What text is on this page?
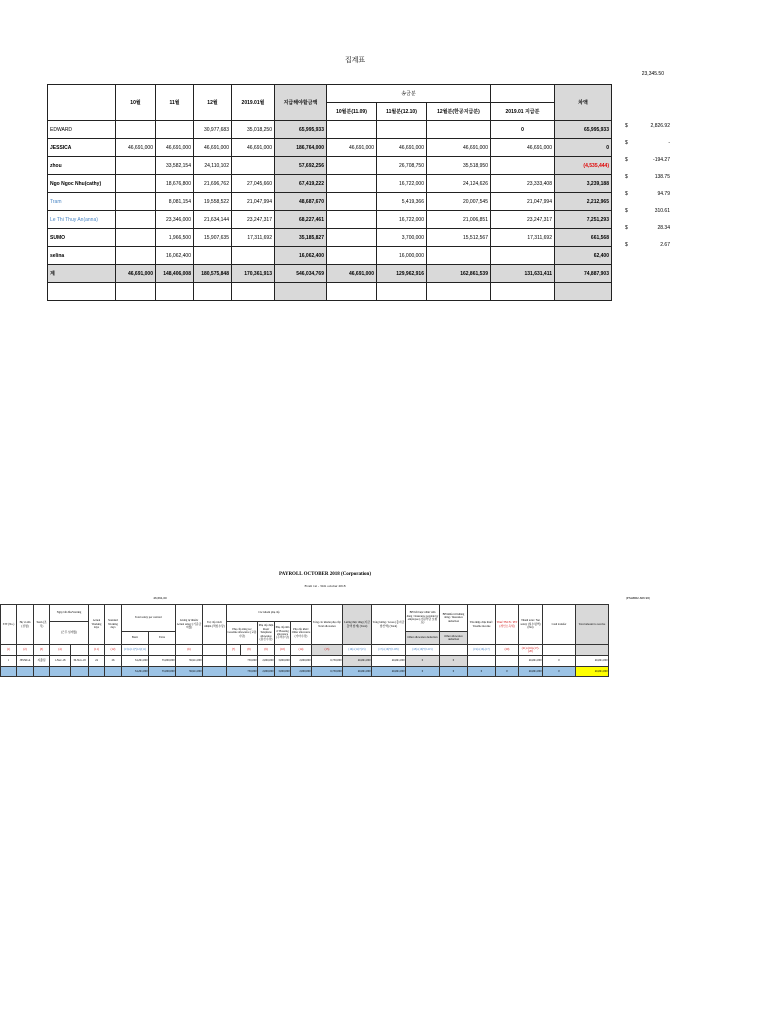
집계표
23,345.50
	10월	11월	12월	2019.01월	지급해야할금액	송금분				차액
						10월분(11.09)	11월분(12.10)	12월분(한공지급분)	2019.01 지급분	
EDWARD			30,977,683	35,018,250	65,995,933				0	65,995,933
JESSICA	46,691,000	46,691,000	46,691,000	46,691,000	186,764,000	46,691,000	46,691,000	46,691,000	46,691,000	0
zhou		33,582,154	24,110,102		57,692,256		26,708,750	35,518,950		(4,535,444)
Ngo Ngoc Nhu(cathy)		18,676,800	21,696,762	27,045,660	67,419,222		16,722,000	24,124,626	23,333,408	3,239,188
Tram		8,081,154	19,558,522	21,047,994	48,687,670		5,419,366	20,007,545	21,047,994	2,212,965
Le Thi Thuy An(anna)		23,346,000	21,634,144	23,247,317	68,227,461		16,722,000	21,006,851	23,247,317	7,251,293
SUMO		1,966,500	15,907,635	17,311,692	35,185,827		3,700,000	15,512,567	17,311,692	661,568
selina		16,062,400			16,062,400		16,000,000			62,400
계	46,691,000	148,406,008	180,575,848	170,361,913	546,034,769	46,691,000	129,962,916	162,861,539	131,631,411	74,887,903

$	2,826.92
$	-
$	-194.27
$	138.75
$	94.79
$	310.61
$	28.34
$	2.67
PAYROLL OCTOBER 2018 (Corporation)
From 1st - 31th october 2018
46,691,00	(PSHBR2-606.96)
STT (No.)	Họ và tên (성명)	Team (조직)	Ngày bắt đầu/Starting		Actual Working days	Standard Working days	Total salary per contract		Lương tự thiểm/ Actual salary (기준급여월)	Trợ cấp trách nhiệm (책임수당)	Các khoản phụ cấp					Tổng các khoản phụ cấp/ Total allowance	Lương thực tăng (지급총액 합계) (Total)	Tổng lương / Gross (총지급 합산액) (Total)	BH bắt buộc nhân viên đóng / Insurance payable by employee (사원부담 보험료)	BH khấu trừ không đóng / Insurance deduction	Thu nhập chịu thuế / Taxable income	Thuế TNCN / PIT (개인소득세)	Thanh toán / Net salary (실수령액) (Net)	Cash transfer	Total amount to receive
			(근무 일개월)								Phụ cấp xăng xe/ Gasoline allowance (교통수당)		Phụ cấp điện thoại/ Telephone allowance (통신수당)	Phụ cấp nhà ở/ Housing allowance (주택수당)	Phụ cấp khác/ Other allowance (기타수당)										
							Basic	Extra											Other allowance deduction	Other allowance deduction					
(1)	(2)	(3)	(4)		(11)	(12)	(13)=(11)*(12)/(11)		(6)		(7)	(8)	(9)	(10)	(14)	(15)	(16)=(14)+(15)	(17)=(16)*(0.105)	(18)=(16)*(0.215)		(19)=(16)-(17)	(20)	(21)=(16)-(17)-(20)		
1	JESSICA	지출팀	1-Nov-18	30-Nov-18	24	26	34,291,000	35,000,000	39,911,000		730,000		2,000,000	3,000,000	2,000,000	6,730,000	46,691,000	46,691,000	0	0			46,691,000	0	46,691,000
							34,291,000	35,000,000	39,911,000		730,000		2,000,000	3,000,000	2,000,000	6,730,000	46,691,000	46,691,000	0	0	0	0	46,691,000	0	46,691,000
